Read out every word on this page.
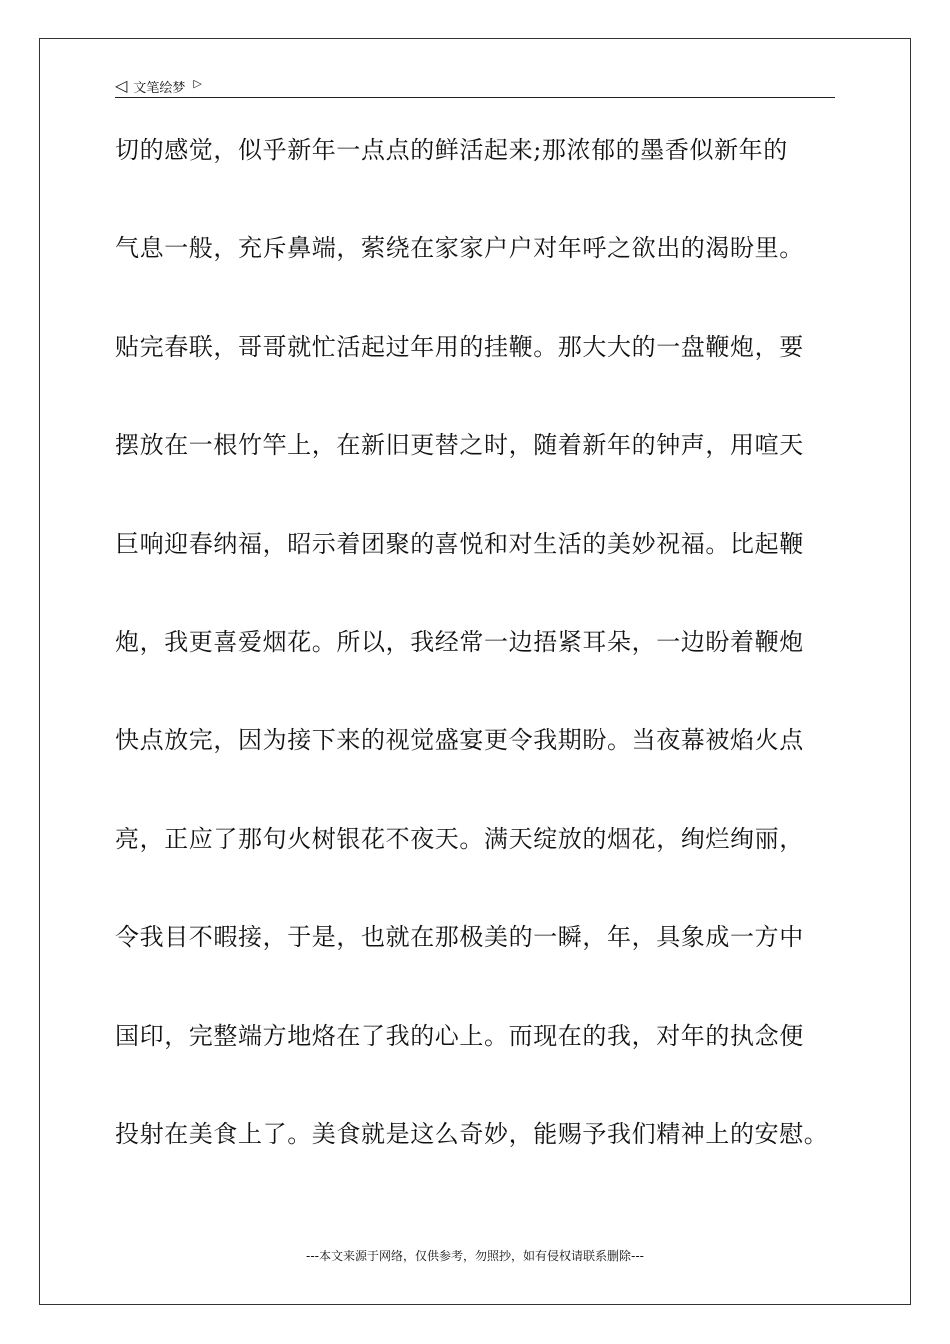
◁ 文笔绘梦 ▷
切的感觉，似乎新年一点点的鲜活起来;那浓郁的墨香似新年的
气息一般，充斥鼻端，萦绕在家家户户对年呼之欲出的渴盼里。
贴完春联，哥哥就忙活起过年用的挂鞭。那大大的一盘鞭炮，要
摆放在一根竹竿上，在新旧更替之时，随着新年的钟声，用喧天
巨响迎春纳福，昭示着团聚的喜悦和对生活的美妙祝福。比起鞭
炮，我更喜爱烟花。所以，我经常一边捂紧耳朵，一边盼着鞭炮
快点放完，因为接下来的视觉盛宴更令我期盼。当夜幕被焰火点
亮，正应了那句火树银花不夜天。满天绽放的烟花，绚烂绚丽，
令我目不暇接，于是，也就在那极美的一瞬，年，具象成一方中
国印，完整端方地烙在了我的心上。而现在的我，对年的执念便
投射在美食上了。美食就是这么奇妙，能赐予我们精神上的安慰。
---本文来源于网络，仅供参考，勿照抄，如有侵权请联系删除---
